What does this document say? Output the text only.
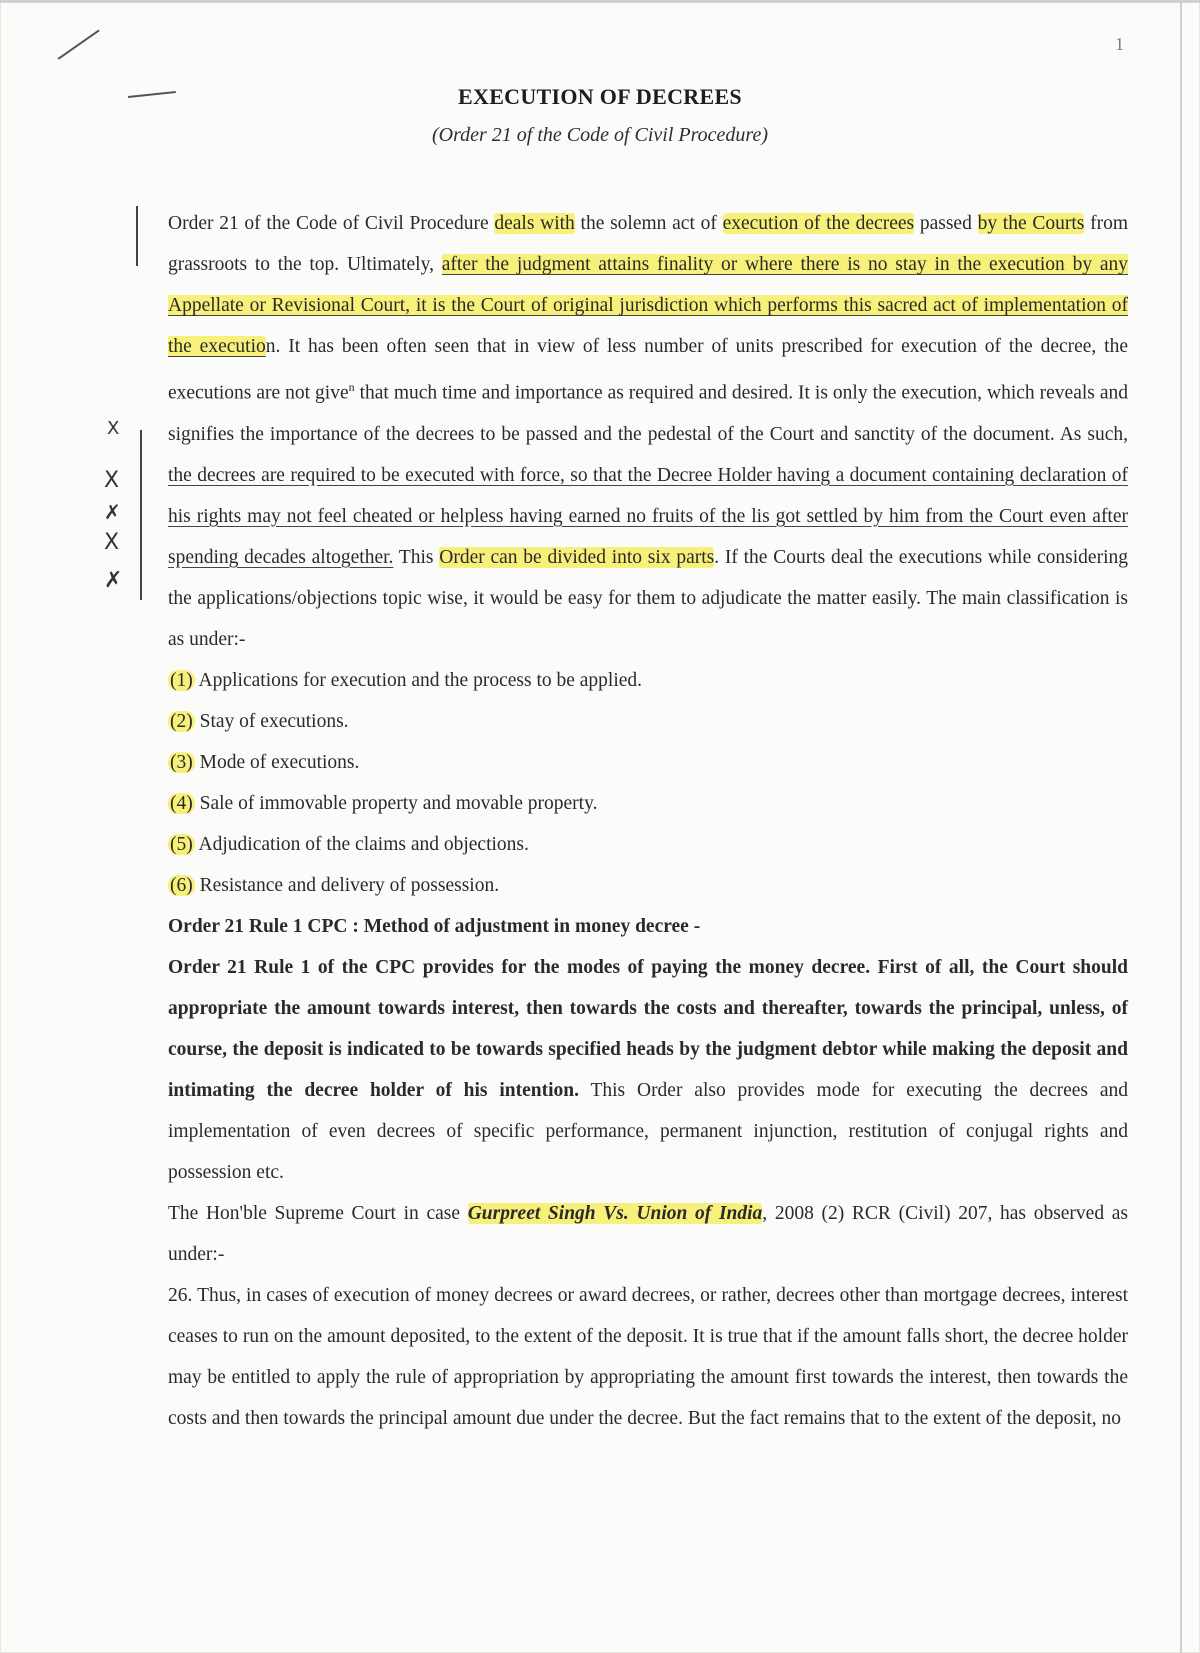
1
EXECUTION OF DECREES
(Order 21 of the Code of Civil Procedure)
X
X
✗
X
✗

Order 21 of the Code of Civil Procedure deals with the solemn act of execution of the decrees passed by the Courts from grassroots to the top. Ultimately, after the judgment attains finality or where there is no stay in the execution by any Appellate or Revisional Court, it is the Court of original jurisdiction which performs this sacred act of implementation of the execution. It has been often seen that in view of less number of units prescribed for execution of the decree, the executions are not give$^n$ that much time and importance as required and desired. It is only the execution, which reveals and signifies the importance of the decrees to be passed and the pedestal of the Court and sanctity of the document. As such, the decrees are required to be executed with force, so that the Decree Holder having a document containing declaration of his rights may not feel cheated or helpless having earned no fruits of the lis got settled by him from the Court even after spending decades altogether. This Order can be divided into six parts. If the Courts deal the executions while considering the applications/objections topic wise, it would be easy for them to adjudicate the matter easily. The main classification is as under:-

(1) Applications for execution and the process to be applied.

(2) Stay of executions.

(3) Mode of executions.

(4) Sale of immovable property and movable property.

(5) Adjudication of the claims and objections.

(6) Resistance and delivery of possession.

Order 21 Rule 1 CPC : Method of adjustment in money decree -

Order 21 Rule 1 of the CPC provides for the modes of paying the money decree. First of all, the Court should appropriate the amount towards interest, then towards the costs and thereafter, towards the principal, unless, of course, the deposit is indicated to be towards specified heads by the judgment debtor while making the deposit and intimating the decree holder of his intention. This Order also provides mode for executing the decrees and implementation of even decrees of specific performance, permanent injunction, restitution of conjugal rights and possession etc.

The Hon'ble Supreme Court in case Gurpreet Singh Vs. Union of India, 2008 (2) RCR (Civil) 207, has observed as under:-

26. Thus, in cases of execution of money decrees or award decrees, or rather, decrees other than mortgage decrees, interest ceases to run on the amount deposited, to the extent of the deposit. It is true that if the amount falls short, the decree holder may be entitled to apply the rule of appropriation by appropriating the amount first towards the interest, then towards the costs and then towards the principal amount due under the decree. But the fact remains that to the extent of the deposit, no
